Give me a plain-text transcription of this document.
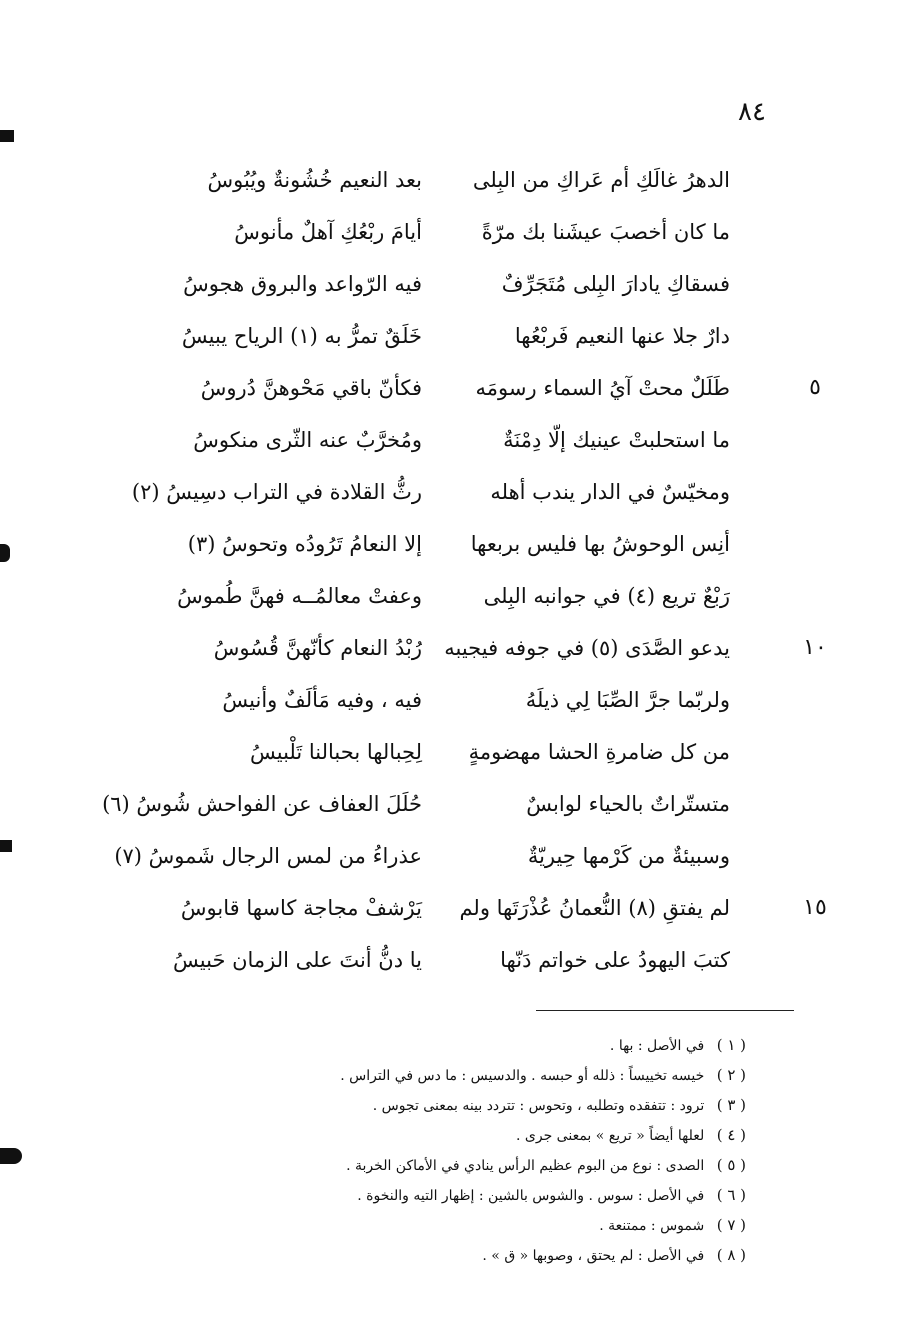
٨٤
الدهرُ غالَكِ أم عَراكِ من البِلى
بعد النعيم خُشُونةٌ ويُبُوسُ
ما كان أخصبَ عيشَنا بك مرّةً
أيامَ ربْعُكِ آهلٌ مأنوسُ
فسقاكِ يادارَ البِلى مُتَجَرِّفٌ
فيه الرّواعد والبروق هجوسُ
دارٌ جلا عنها النعيم فَربْعُها
خَلَقٌ تمرُّ به (١) الرياح يبيسُ
طَلَلٌ محتْ آيُ السماء رسومَه
فكأنّ باقي مَحْوهنَّ دُروسُ	٥
ما استحلبتْ عينيك إلّا دِمْنَةٌ
ومُخرَّبٌ عنه الثّرى منكوسُ
ومخيّسٌ في الدار يندب أهله
رثُّ القلادة في التراب دسِيسُ (٢)
أنِس الوحوشُ بها فليس بربعها
إلا النعامُ تَرُودُه وتحوسُ (٣)
رَبْعٌ تريع (٤) في جوانبه البِلى
وعفتْ معالمُــه فهنَّ طُموسُ
يدعو الصَّدَى (٥) في جوفه فيجيبه
رُبْدُ النعام كأنّهنَّ قُسُوسُ	١٠
ولربّما جرَّ الصِّبَا لِي ذيلَهُ
فيه ، وفيه مَألَفٌ وأنيسُ
من كل ضامرةِ الحشا مهضومةٍ
لِحِبالها بحبالنا تَلْبيسُ
متستّراتٌ بالحياء لوابسٌ
حُلَلَ العفاف عن الفواحش شُوسُ (٦)
وسبيئةٌ من كَرْمها حِيريّةٌ
عذراءُ من لمس الرجال شَموسُ (٧)
لم يفتقِ (٨) النُّعمانُ عُذْرَتَها ولم
يَرْشفْ مجاجة كاسها قابوسُ	١٥
كتبَ اليهودُ على خواتم دَنّها
يا دنُّ أنتَ على الزمان حَبيسُ
( ١ ) في الأصل : بها .
( ٢ ) خيسه تخييساً : ذلله أو حبسه . والدسيس : ما دس في التراس .
( ٣ ) ترود : تتفقده وتطلبه ، وتحوس : تتردد بينه بمعنى تجوس .
( ٤ ) لعلها أيضاً « تريع » بمعنى جرى .
( ٥ ) الصدى : نوع من البوم عظيم الرأس ينادي في الأماكن الخربة .
( ٦ ) في الأصل : سوس . والشوس بالشين : إظهار التيه والنخوة .
( ٧ ) شموس : ممتنعة .
( ٨ ) في الأصل : لم يحتق ، وصوبها « ق » .
